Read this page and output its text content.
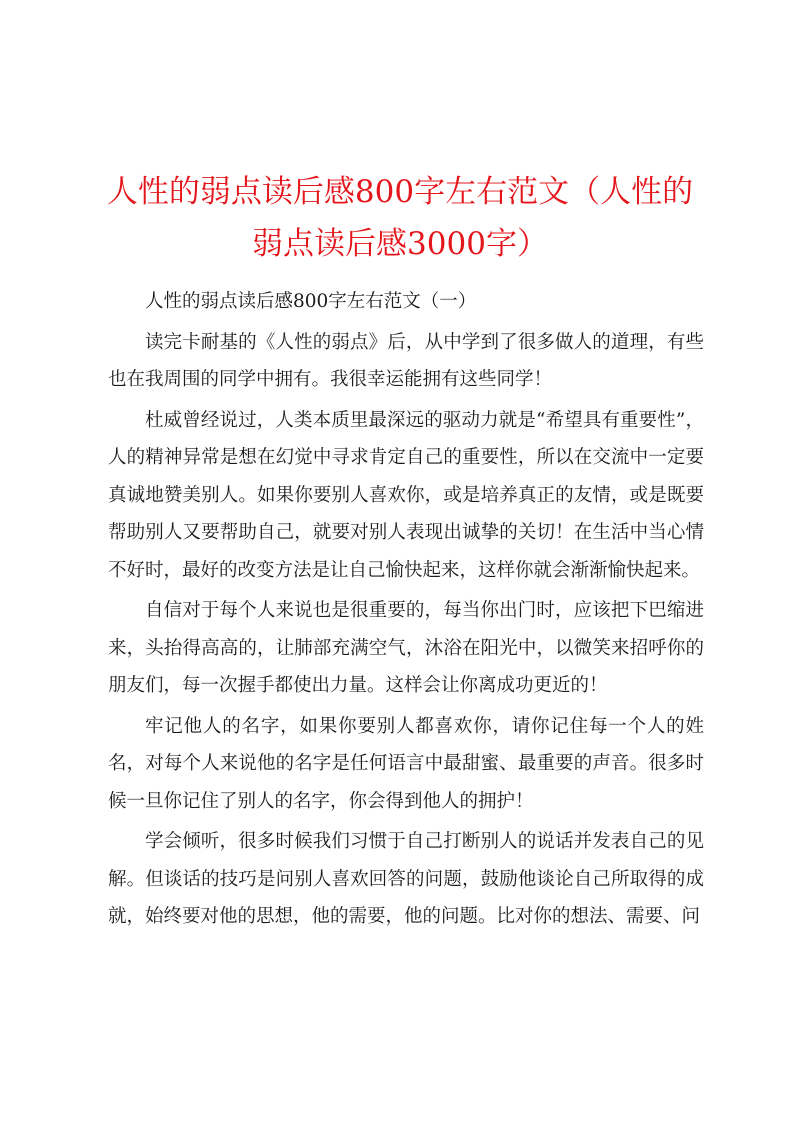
人性的弱点读后感800字左右范文（人性的弱点读后感3000字）

人性的弱点读后感800字左右范文（一）

读完卡耐基的《人性的弱点》后，从中学到了很多做人的道理，有些也在我周围的同学中拥有。我很幸运能拥有这些同学！

杜威曾经说过，人类本质里最深远的驱动力就是“希望具有重要性”，人的精神异常是想在幻觉中寻求肯定自己的重要性，所以在交流中一定要真诚地赞美别人。如果你要别人喜欢你，或是培养真正的友情，或是既要帮助别人又要帮助自己，就要对别人表现出诚挚的关切！在生活中当心情不好时，最好的改变方法是让自己愉快起来，这样你就会渐渐愉快起来。

自信对于每个人来说也是很重要的，每当你出门时，应该把下巴缩进来，头抬得高高的，让肺部充满空气，沐浴在阳光中，以微笑来招呼你的朋友们，每一次握手都使出力量。这样会让你离成功更近的！

牢记他人的名字，如果你要别人都喜欢你，请你记住每一个人的姓名，对每个人来说他的名字是任何语言中最甜蜜、最重要的声音。很多时候一旦你记住了别人的名字，你会得到他人的拥护！

学会倾听，很多时候我们习惯于自己打断别人的说话并发表自己的见解。但谈话的技巧是问别人喜欢回答的问题，鼓励他谈论自己所取得的成就，始终要对他的思想，他的需要，他的问题。比对你的想法、需要、问
